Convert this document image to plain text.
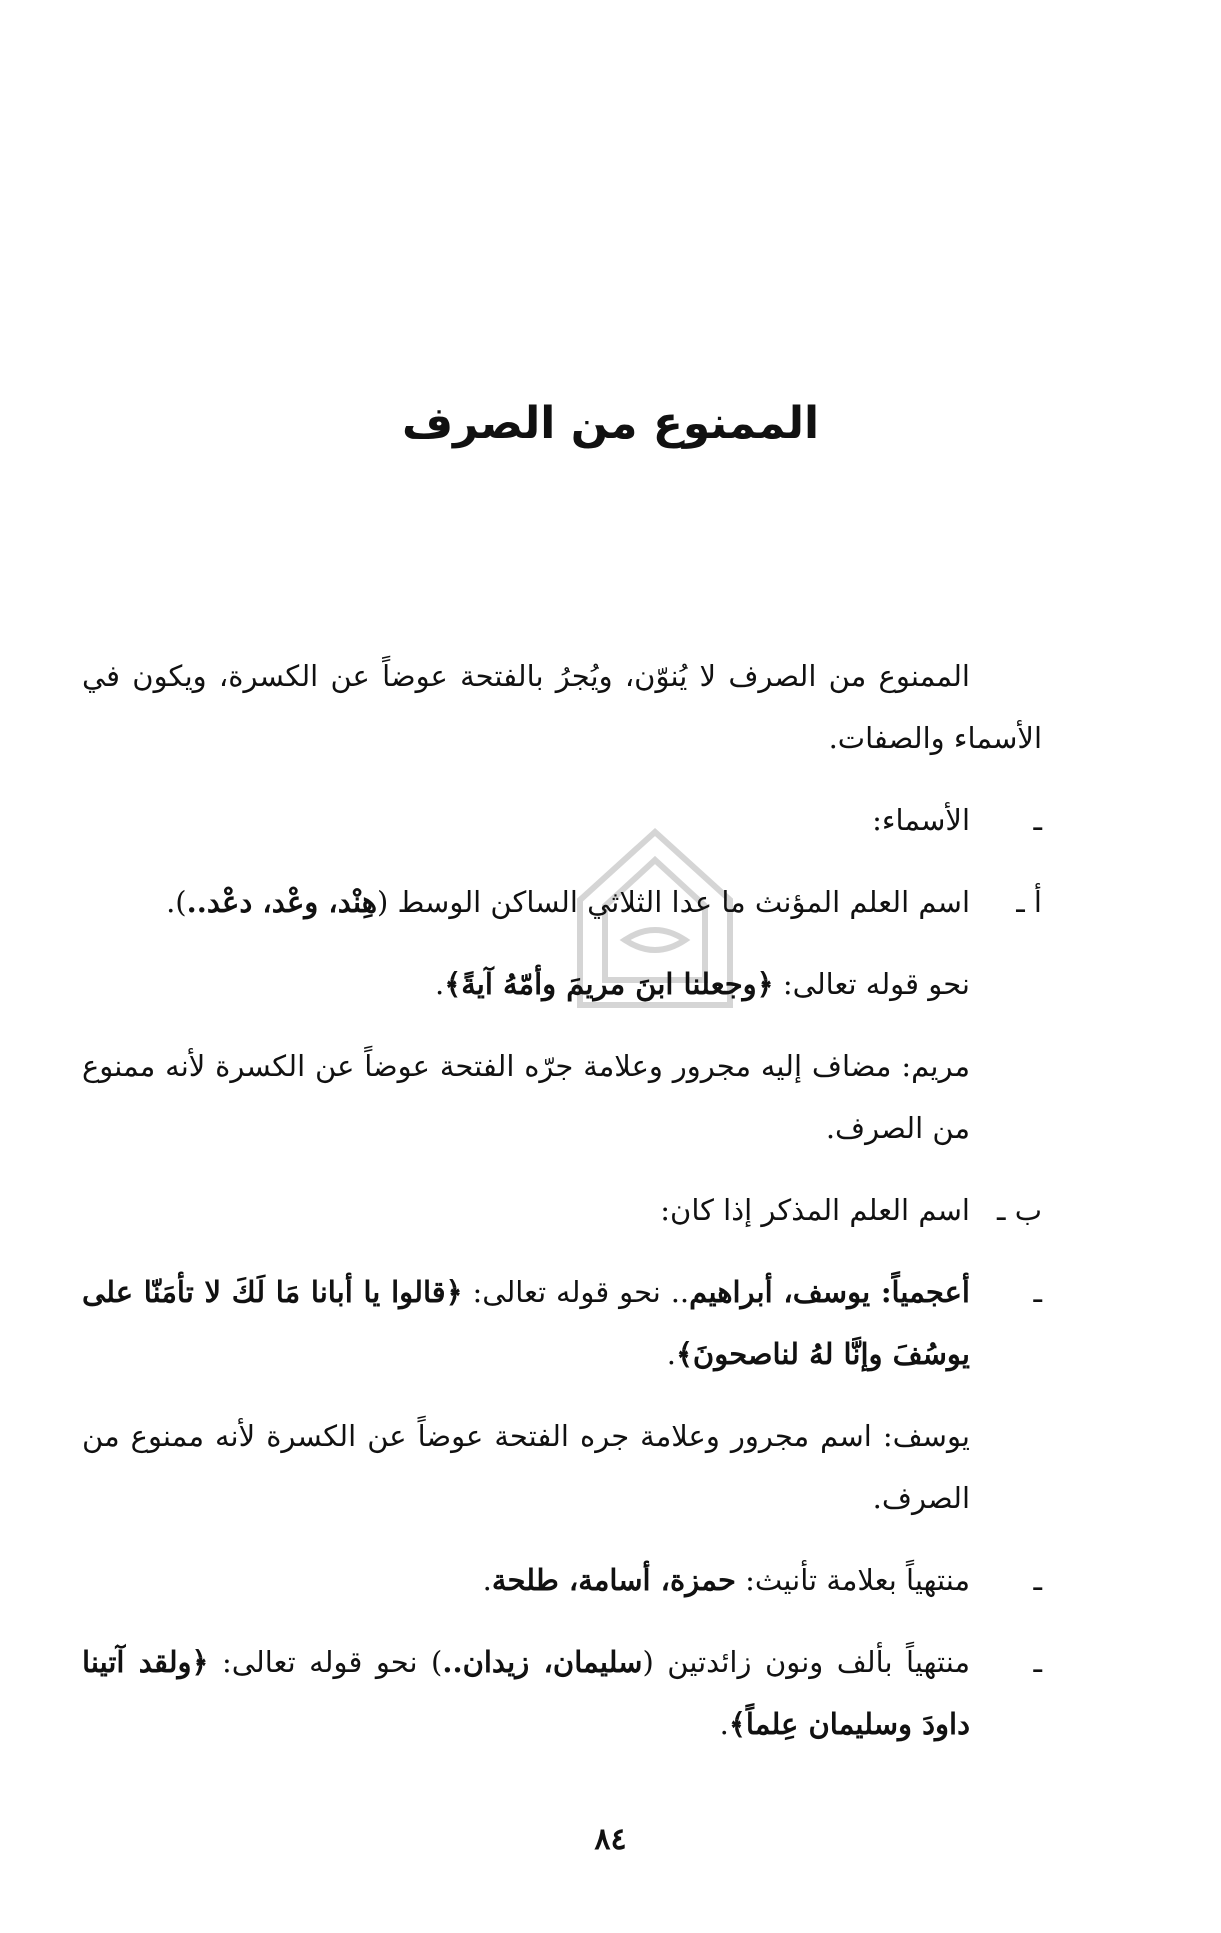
الممنوع من الصرف

الممنوع من الصرف لا يُنوّن، ويُجرُ بالفتحة عوضاً عن الكسرة، ويكون في الأسماء والصفات.

ـ
الأسماء:
أ ـ
اسم العلم المؤنث ما عدا الثلاثي الساكن الوسط (هِنْد، وعْد، دعْد..).

نحو قوله تعالى: ﴿وجعلنا ابنَ مريمَ وأمّهُ آيةً﴾.

مريم: مضاف إليه مجرور وعلامة جرّه الفتحة عوضاً عن الكسرة لأنه ممنوع من الصرف.

ب ـ
اسم العلم المذكر إذا كان:
ـ
أعجمياً: يوسف، أبراهيم.. نحو قوله تعالى: ﴿قالوا يا أبانا مَا لَكَ لا تأمَنّا على يوسُفَ وإنَّا لهُ لناصحونَ﴾.

يوسف: اسم مجرور وعلامة جره الفتحة عوضاً عن الكسرة لأنه ممنوع من الصرف.

ـ
منتهياً بعلامة تأنيث: حمزة، أسامة، طلحة.
ـ
منتهياً بألف ونون زائدتين (سليمان، زيدان..) نحو قوله تعالى: ﴿ولقد آتينا داودَ وسليمان عِلماً﴾.
٨٤
